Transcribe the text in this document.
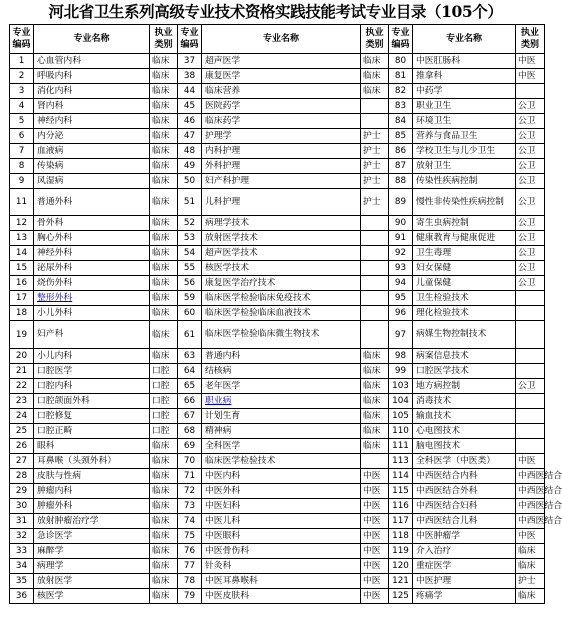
河北省卫生系列高级专业技术资格实践技能考试专业目录（105个）
专业编码	专业名称	执业类别	专业编码	专业名称	执业类别	专业编码	专业名称	执业类别
1	心血管内科	临床	37	超声医学	临床	80	中医肛肠科	中医
2	呼吸内科	临床	38	康复医学	临床	81	推拿科	中医
3	消化内科	临床	44	临床营养	临床	82	中药学	
4	肾内科	临床	45	医院药学		83	职业卫生	公卫
5	神经内科	临床	46	临床药学		84	环境卫生	公卫
6	内分泌	临床	47	护理学	护士	85	营养与食品卫生	公卫
7	血液病	临床	48	内科护理	护士	86	学校卫生与儿少卫生	公卫
8	传染病	临床	49	外科护理	护士	87	放射卫生	公卫
9	风湿病	临床	50	妇产科护理	护士	88	传染性疾病控制	公卫
11	普通外科	临床	51	儿科护理	护士	89	慢性非传染性疾病控制	公卫
12	骨外科	临床	52	病理学技术		90	寄生虫病控制	公卫
13	胸心外科	临床	53	放射医学技术		91	健康教育与健康促进	公卫
14	神经外科	临床	54	超声医学技术		92	卫生毒理	公卫
15	泌尿外科	临床	55	核医学技术		93	妇女保健	公卫
16	烧伤外科	临床	56	康复医学治疗技术		94	儿童保健	公卫
17	整形外科	临床	59	临床医学检验临床免疫技术		95	卫生检验技术	
18	小儿外科	临床	60	临床医学检验临床血液技术		96	理化检验技术	
19	妇产科	临床	61	临床医学检验临床微生物技术		97	病媒生物控制技术	
20	小儿内科	临床	63	普通内科	临床	98	病案信息技术	
21	口腔医学	口腔	64	结核病	临床	99	口腔医学技术	
22	口腔内科	口腔	65	老年医学	临床	103	地方病控制	公卫
23	口腔颌面外科	口腔	66	职业病	临床	104	消毒技术	
24	口腔修复	口腔	67	计划生育	临床	105	输血技术	
25	口腔正畸	口腔	68	精神病	临床	110	心电图技术	
26	眼科	临床	69	全科医学	临床	111	脑电图技术	
27	耳鼻喉（头颈外科）	临床	70	临床医学检验技术		113	全科医学（中医类）	中医
28	皮肤与性病	临床	71	中医内科	中医	114	中西医结合内科	中西医结合
29	肿瘤内科	临床	72	中医外科	中医	115	中西医结合外科	中西医结合
30	肿瘤外科	临床	73	中医妇科	中医	116	中西医结合妇科	中西医结合
31	放射肿瘤治疗学	临床	74	中医儿科	中医	117	中西医结合儿科	中西医结合
32	急诊医学	临床	75	中医眼科	中医	118	中医肿瘤学	中医
33	麻醉学	临床	76	中医骨伤科	中医	119	介入治疗	临床
34	病理学	临床	77	针灸科	中医	120	重症医学	临床
35	放射医学	临床	78	中医耳鼻喉科	中医	121	中医护理	护士
36	核医学	临床	79	中医皮肤科	中医	125	疼痛学	临床
